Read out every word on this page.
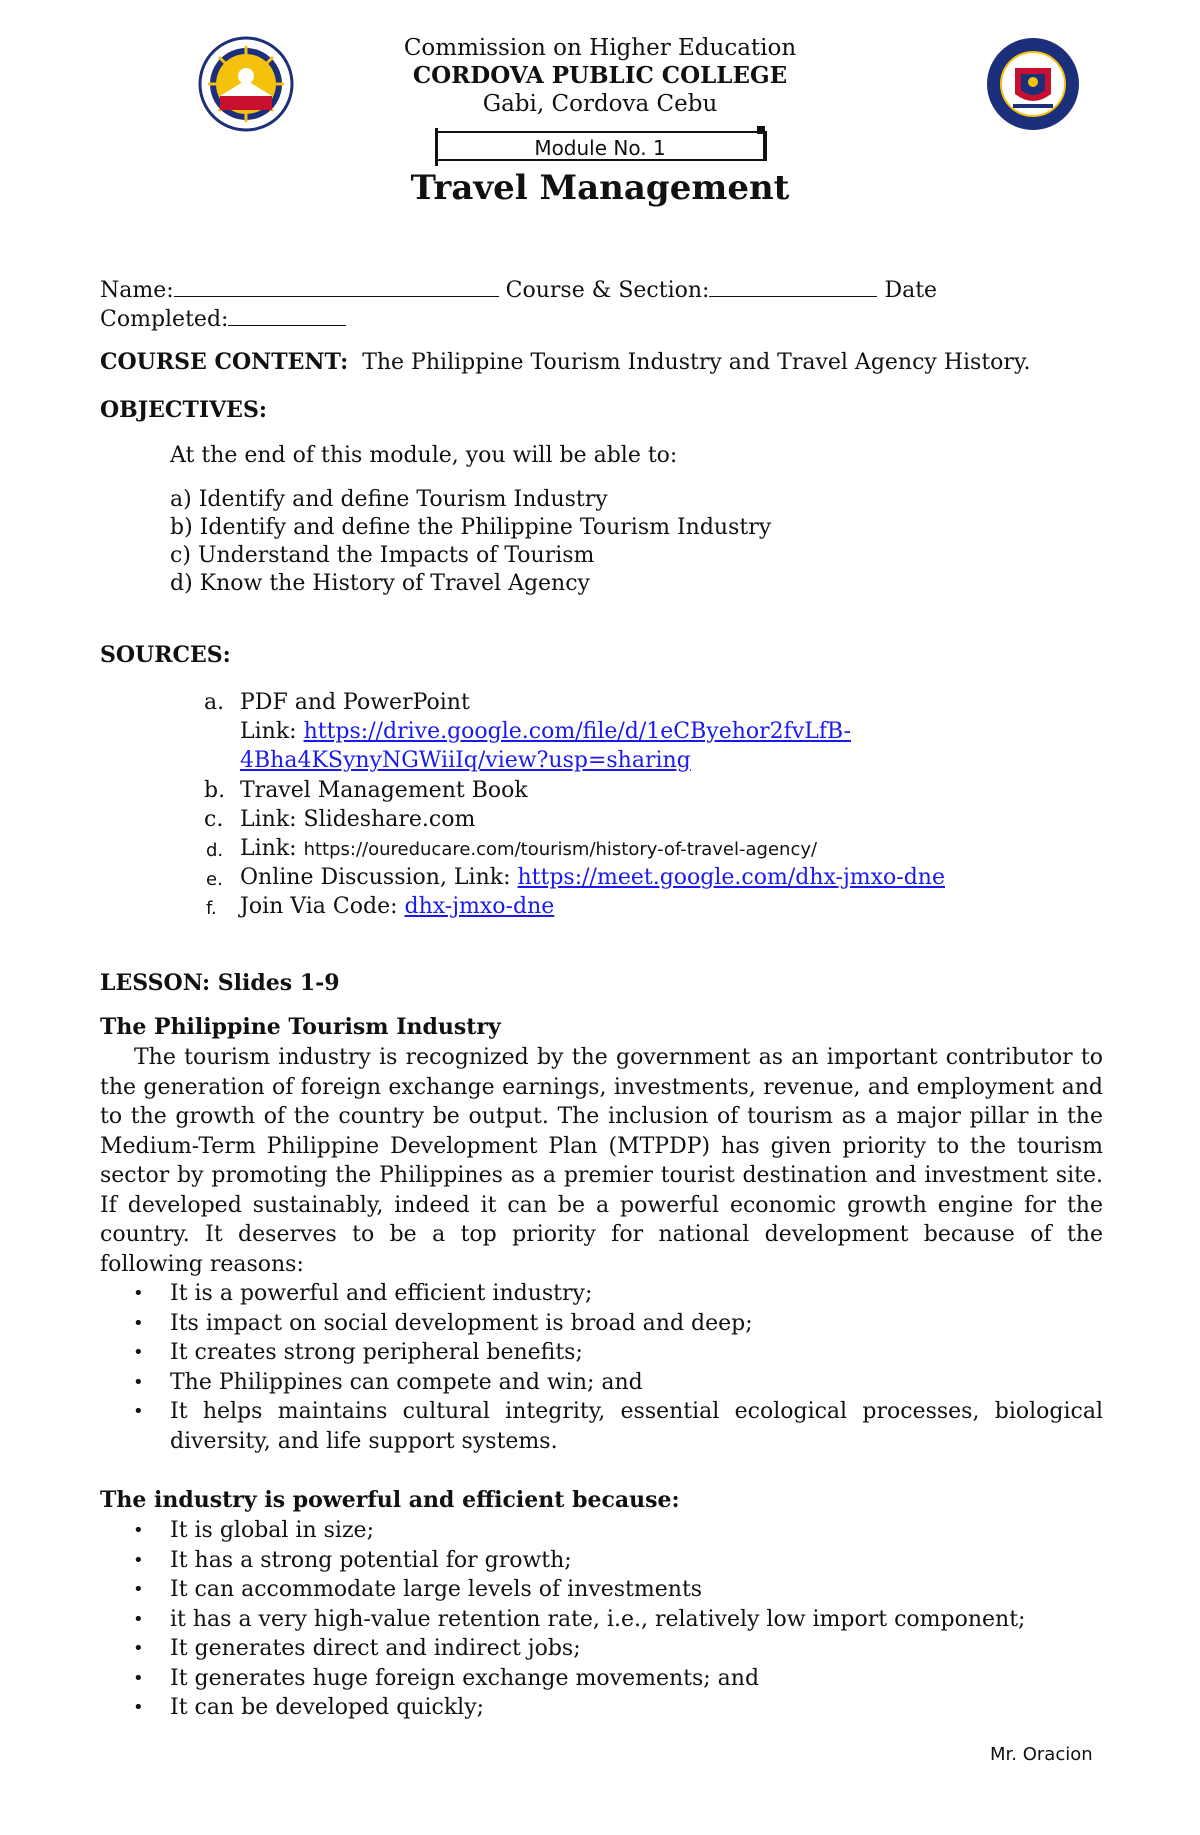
Commission on Higher Education
CORDOVA PUBLIC COLLEGE
Gabi, Cordova Cebu
Module No. 1
Travel Management
Name:	Course & Section:	Date
Completed:
COURSE CONTENT: The Philippine Tourism Industry and Travel Agency History.
OBJECTIVES:
At the end of this module, you will be able to:
a) Identify and define Tourism Industry
b) Identify and define the Philippine Tourism Industry
c) Understand the Impacts of Tourism
d) Know the History of Travel Agency
SOURCES:
a. PDF and PowerPoint
Link: https://drive.google.com/file/d/1eCByehor2fvLfB-
4Bha4KSynyNGWiiIq/view?usp=sharing
b. Travel Management Book
c. Link: Slideshare.com
d. Link: https://oureducare.com/tourism/history-of-travel-agency/
e. Online Discussion, Link: https://meet.google.com/dhx-jmxo-dne
f. Join Via Code: dhx-jmxo-dne
LESSON: Slides 1-9
The Philippine Tourism Industry
The tourism industry is recognized by the government as an important contributor to the generation of foreign exchange earnings, investments, revenue, and employment and to the growth of the country be output. The inclusion of tourism as a major pillar in the Medium-Term Philippine Development Plan (MTPDP) has given priority to the tourism sector by promoting the Philippines as a premier tourist destination and investment site. If developed sustainably, indeed it can be a powerful economic growth engine for the country. It deserves to be a top priority for national development because of the following reasons:
• It is a powerful and efficient industry;
• Its impact on social development is broad and deep;
• It creates strong peripheral benefits;
• The Philippines can compete and win; and
• It helps maintains cultural integrity, essential ecological processes, biological diversity, and life support systems.
The industry is powerful and efficient because:
• It is global in size;
• It has a strong potential for growth;
• It can accommodate large levels of investments
• it has a very high-value retention rate, i.e., relatively low import component;
• It generates direct and indirect jobs;
• It generates huge foreign exchange movements; and
• It can be developed quickly;
Mr. Oracion
